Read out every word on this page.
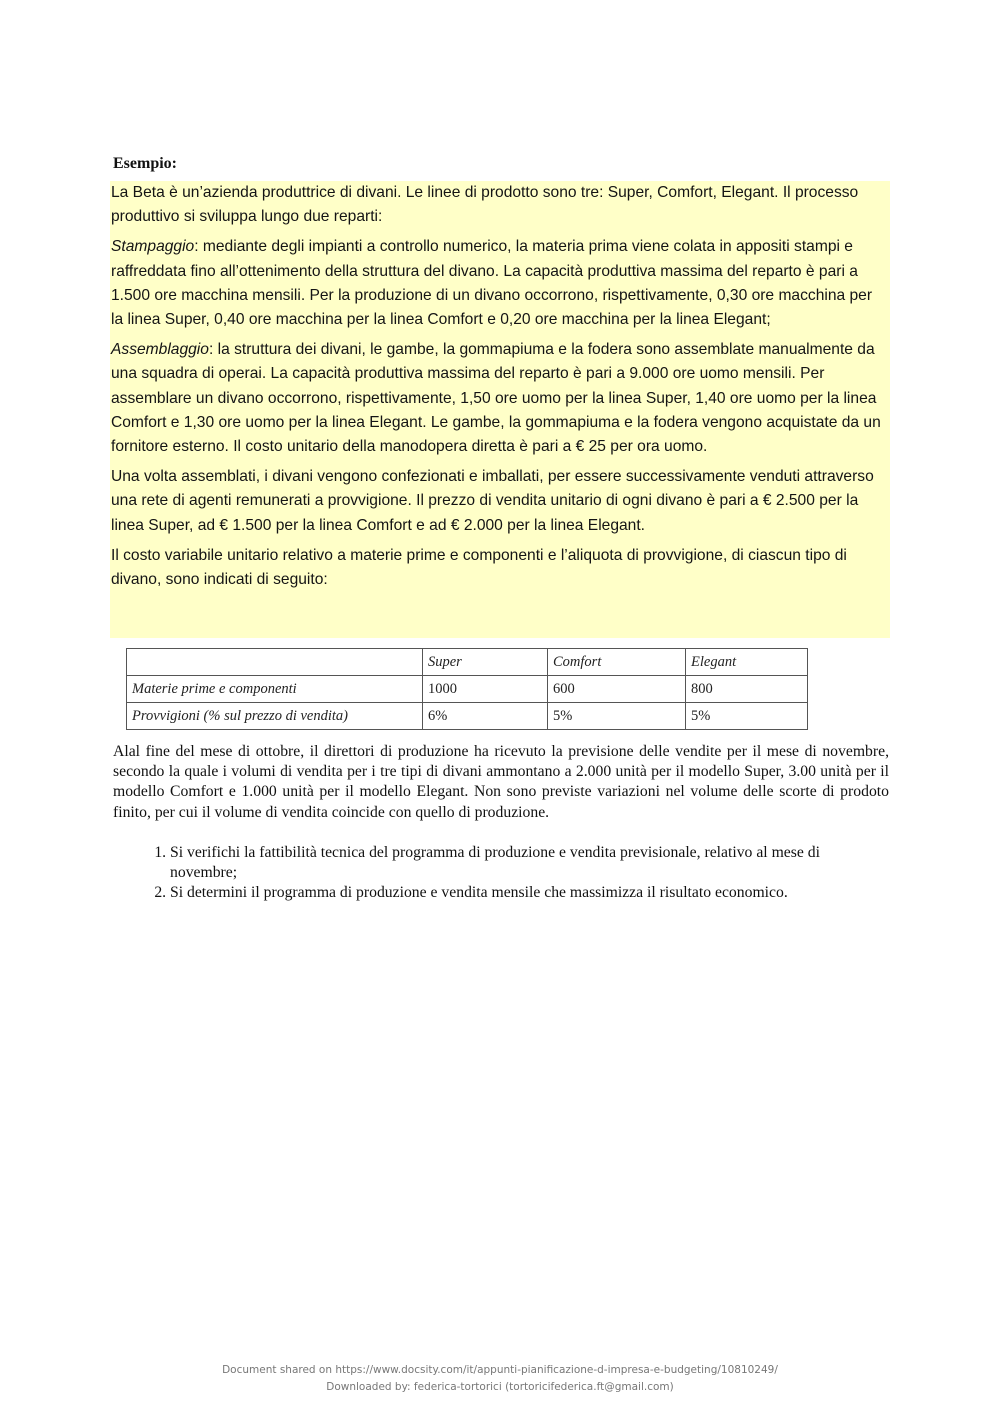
Esempio:

La Beta è un’azienda produttrice di divani. Le linee di prodotto sono tre: Super, Comfort, Elegant. Il processo produttivo si sviluppa lungo due reparti:

Stampaggio: mediante degli impianti a controllo numerico, la materia prima viene colata in appositi stampi e raffreddata fino all’ottenimento della struttura del divano. La capacità produttiva massima del reparto è pari a 1.500 ore macchina mensili. Per la produzione di un divano occorrono, rispettivamente, 0,30 ore macchina per la linea Super, 0,40 ore macchina per la linea Comfort e 0,20 ore macchina per la linea Elegant;

Assemblaggio: la struttura dei divani, le gambe, la gommapiuma e la fodera sono assemblate manualmente da una squadra di operai. La capacità produttiva massima del reparto è pari a 9.000 ore uomo mensili. Per assemblare un divano occorrono, rispettivamente, 1,50 ore uomo per la linea Super, 1,40 ore uomo per la linea Comfort e 1,30 ore uomo per la linea Elegant. Le gambe, la gommapiuma e la fodera vengono acquistate da un fornitore esterno. Il costo unitario della manodopera diretta è pari a € 25 per ora uomo.

Una volta assemblati, i divani vengono confezionati e imballati, per essere successivamente venduti attraverso una rete di agenti remunerati a provvigione. Il prezzo di vendita unitario di ogni divano è pari a € 2.500 per la linea Super, ad € 1.500 per la linea Comfort e ad € 2.000 per la linea Elegant.

Il costo variabile unitario relativo a materie prime e componenti e l’aliquota di provvigione, di ciascun tipo di divano, sono indicati di seguito:

	Super	Comfort	Elegant
Materie prime e componenti	1000	600	800
Provvigioni (% sul prezzo di vendita)	6%	5%	5%

Alal fine del mese di ottobre, il direttori di produzione ha ricevuto la previsione delle vendite per il mese di novembre, secondo la quale i volumi di vendita per i tre tipi di divani ammontano a 2.000 unità per il modello Super, 3.00 unità per il modello Comfort e 1.000 unità per il modello Elegant. Non sono previste variazioni nel volume delle scorte di prodoto finito, per cui il volume di vendita coincide con quello di produzione.

1. Si verifichi la fattibilità tecnica del programma di produzione e vendita previsionale, relativo al mese di novembre;
2. Si determini il programma di produzione e vendita mensile che massimizza il risultato economico.
Document shared on https://www.docsity.com/it/appunti-pianificazione-d-impresa-e-budgeting/10810249/
Downloaded by: federica-tortorici (tortoricifederica.ft@gmail.com)
